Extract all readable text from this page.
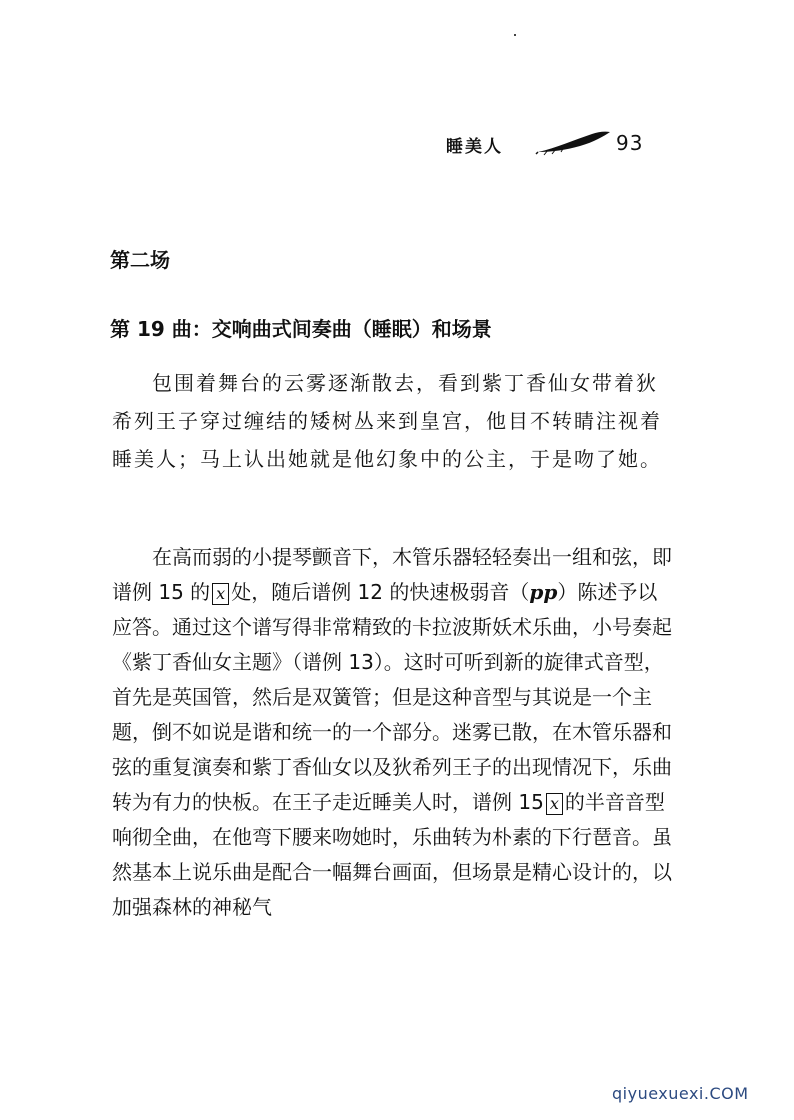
睡美人	93
第二场
第 19 曲：交响曲式间奏曲（睡眠）和场景

包围着舞台的云雾逐渐散去，看到紫丁香仙女带着狄希列王子穿过缠结的矮树丛来到皇宫，他目不转睛注视着睡美人；马上认出她就是他幻象中的公主，于是吻了她。

在高而弱的小提琴颤音下，木管乐器轻轻奏出一组和弦，即谱例 15 的 x 处，随后谱例 12 的快速极弱音（pp）陈述予以应答。通过这个谱写得非常精致的卡拉波斯妖术乐曲，小号奏起《紫丁香仙女主题》（谱例 13）。这时可听到新的旋律式音型，首先是英国管，然后是双簧管；但是这种音型与其说是一个主题，倒不如说是谐和统一的一个部分。迷雾已散，在木管乐器和弦的重复演奏和紫丁香仙女以及狄希列王子的出现情况下，乐曲转为有力的快板。在王子走近睡美人时，谱例 15 x 的半音音型响彻全曲，在他弯下腰来吻她时，乐曲转为朴素的下行琶音。虽然基本上说乐曲是配合一幅舞台画面，但场景是精心设计的，以加强森林的神秘气

qiyuexuexi.COM
